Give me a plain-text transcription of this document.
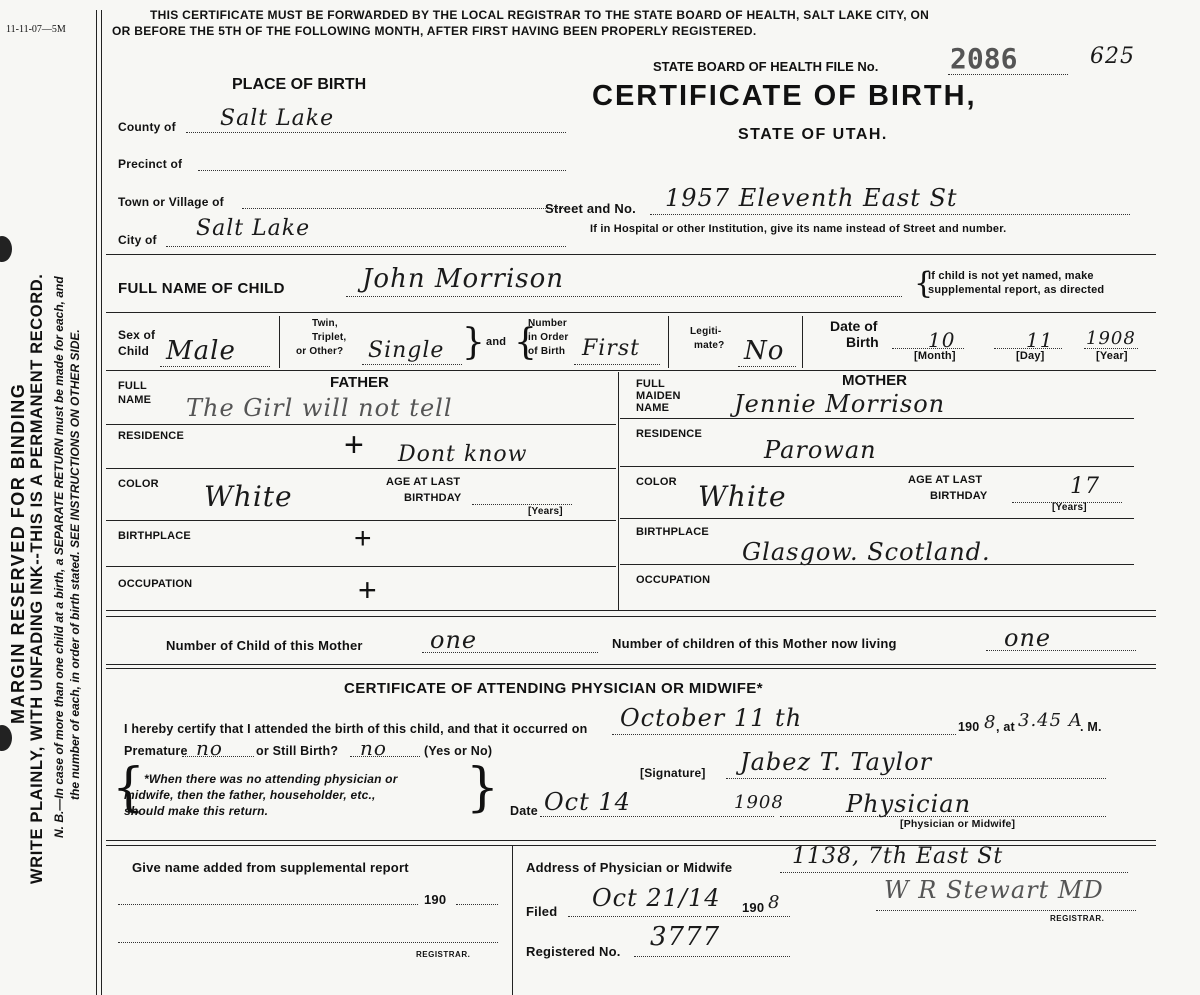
11-11-07—5M
MARGIN RESERVED FOR BINDING WRITE PLAINLY, WITH UNFADING INK--THIS IS A PERMANENT RECORD. N. B.—In case of more than one child at a birth, a SEPARATE RETURN must be made for each, and the number of each, in order of birth stated. SEE INSTRUCTIONS ON OTHER SIDE.
THIS CERTIFICATE MUST BE FORWARDED BY THE LOCAL REGISTRAR TO THE STATE BOARD OF HEALTH, SALT LAKE CITY, ON
OR BEFORE THE 5TH OF THE FOLLOWING MONTH, AFTER FIRST HAVING BEEN PROPERLY REGISTERED.
STATE BOARD OF HEALTH FILE No.	2086	625
PLACE OF BIRTH	CERTIFICATE OF BIRTH,
STATE OF UTAH.
County of Salt Lake
Precinct of
Town or Village of
City of Salt Lake
Street and No. 1957 Eleventh East St
If in Hospital or other Institution, give its name instead of Street and number.
FULL NAME OF CHILD	John Morrison	{
If child is not yet named, make
supplemental report, as directed
Sex of
Child Male
Twin,
Triplet,
or Other? Single } and {
Number
in Order
of Birth First
Legiti-
mate? No
Date of
Birth 10	11 1908
[Month]	[Day]	[Year]
FATHER
FULL
NAME The Girl will not tell
RESIDENCE	+ Dont know
COLOR White	AGE AT LAST
BIRTHDAY
[Years]
BIRTHPLACE	+
OCCUPATION	+
MOTHER
FULL
MAIDEN
NAME	Jennie Morrison
RESIDENCE
Parowan
COLOR White	AGE AT LAST
BIRTHDAY	17
[Years]
BIRTHPLACE
Glasgow. Scotland.
OCCUPATION
Number of Child of this Mother	one	Number of children of this Mother now living	one
CERTIFICATE OF ATTENDING PHYSICIAN OR MIDWIFE*
I hereby certify that I attended the birth of this child, and that it occurred on October 11 th	190 8 , at 3.45 A
. M.
Premature no	or Still Birth? no	(Yes or No)
{	}
*When there was no attending physician or
midwife, then the father, householder, etc.,
should make this return.
[Signature] Jabez T. Taylor
Date Oct 14	1908	Physician
[Physician or Midwife]
Give name added from supplemental report
190
REGISTRAR.
Address of Physician or Midwife	1138, 7th East St
Filed Oct 21/14 190 8	W R Stewart MD
REGISTRAR.
Registered No. 3777
